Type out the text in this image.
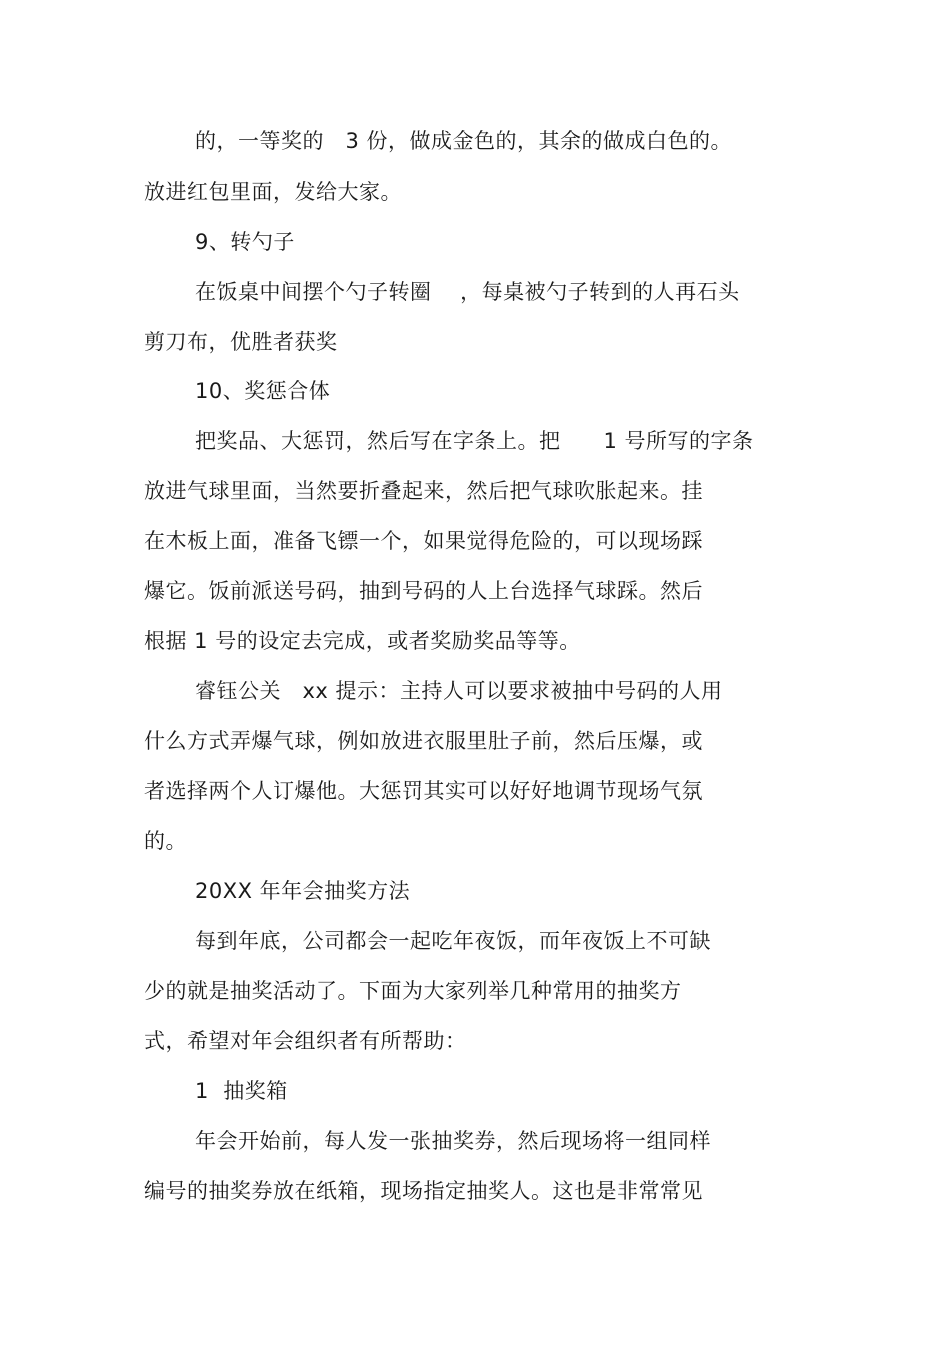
的，一等奖的　3 份，做成金色的，其余的做成白色的。
放进红包里面，发给大家。
9、转勺子
在饭桌中间摆个勺子转圈　 ，每桌被勺子转到的人再石头
剪刀布，优胜者获奖
10、奖惩合体
把奖品、大惩罚，然后写在字条上。把　　1 号所写的字条
放进气球里面，当然要折叠起来，然后把气球吹胀起来。挂
在木板上面，准备飞镖一个，如果觉得危险的，可以现场踩
爆它。饭前派送号码，抽到号码的人上台选择气球踩。然后
根据 1 号的设定去完成，或者奖励奖品等等。
睿钰公关　xx 提示：主持人可以要求被抽中号码的人用
什么方式弄爆气球，例如放进衣服里肚子前，然后压爆，或
者选择两个人订爆他。大惩罚其实可以好好地调节现场气氛
的。
20XX 年年会抽奖方法
每到年底，公司都会一起吃年夜饭，而年夜饭上不可缺
少的就是抽奖活动了。下面为大家列举几种常用的抽奖方
式，希望对年会组织者有所帮助：
1  抽奖箱
年会开始前，每人发一张抽奖券，然后现场将一组同样
编号的抽奖券放在纸箱，现场指定抽奖人。这也是非常常见
